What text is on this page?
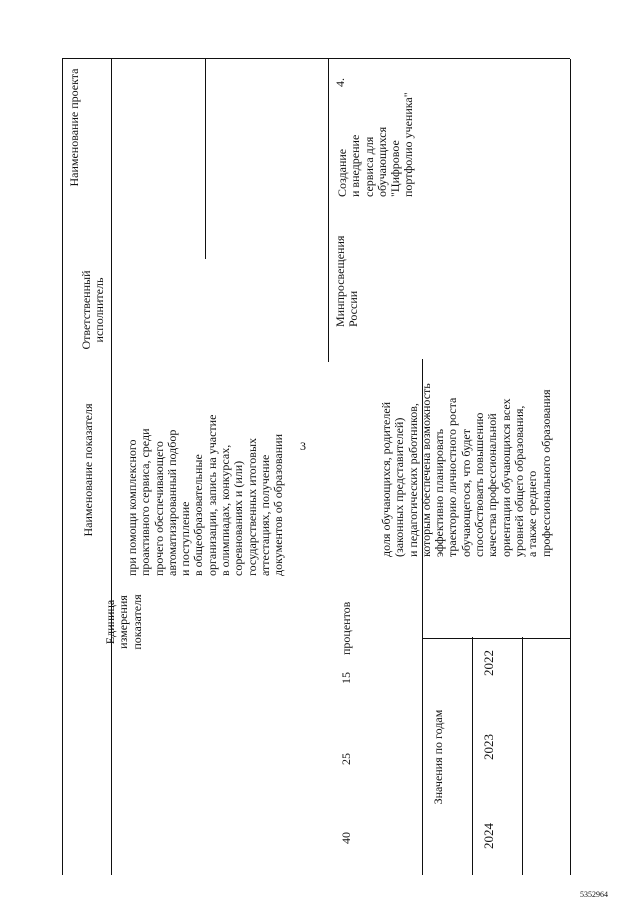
3
Наименование проекта
Ответственный исполнитель
Наименование показателя
Единица измерения показателя
Значения по годам
2022
2023
2024
при помощи комплексного проактивного сервиса, среди прочего обеспечивающего автоматизированный подбор и поступление в общеобразовательные организации, запись на участие в олимпиадах, конкурсах, соревнованиях и (или) государственных итоговых аттестациях, получение документов об образовании
4.
Создание и внедрение сервиса для обучающихся "Цифровое портфолио ученика"
Минпросвещения России
доля обучающихся, родителей (законных представителей) и педагогических работников, которым обеспечена возможность эффективно планировать траекторию личностного роста обучающегося, что будет способствовать повышению качества профессиональной ориентации обучающихся всех уровней общего образования, а также среднего профессионального образования
процентов
15
25
40
5352964
